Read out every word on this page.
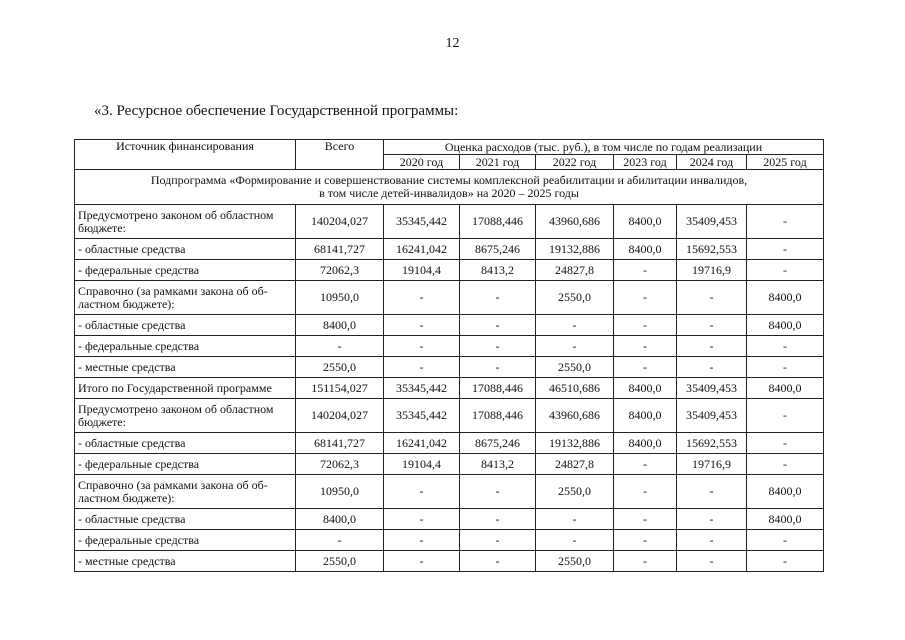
12
«3. Ресурсное обеспечение Государственной программы:
Источник финансирования	Всего	Оценка расходов (тыс. руб.), в том числе по годам реализации					
		2020 год	2021 год	2022 год	2023 год	2024 год	2025 год

Подпрограмма «Формирование и совершенствование системы комплексной реабилитации и абилитации инвалидов,
в том числе детей-инвалидов» на 2020 – 2025 годы							

Предусмотрено законом об областном бюджете:	140204,027	35345,442	17088,446	43960,686	8400,0	35409,453	-
- областные средства	68141,727	16241,042	8675,246	19132,886	8400,0	15692,553	-
- федеральные средства	72062,3	19104,4	8413,2	24827,8	-	19716,9	-
Справочно (за рамками закона об об-ластном бюджете):	10950,0	-	-	2550,0	-	-	8400,0
- областные средства	8400,0	-	-	-	-	-	8400,0
- федеральные средства	-	-	-	-	-	-	-
- местные средства	2550,0	-	-	2550,0	-	-	-
Итого по Государственной программе	151154,027	35345,442	17088,446	46510,686	8400,0	35409,453	8400,0
Предусмотрено законом об областном бюджете:	140204,027	35345,442	17088,446	43960,686	8400,0	35409,453	-
- областные средства	68141,727	16241,042	8675,246	19132,886	8400,0	15692,553	-
- федеральные средства	72062,3	19104,4	8413,2	24827,8	-	19716,9	-
Справочно (за рамками закона об об-ластном бюджете):	10950,0	-	-	2550,0	-	-	8400,0
- областные средства	8400,0	-	-	-	-	-	8400,0
- федеральные средства	-	-	-	-	-	-	-
- местные средства	2550,0	-	-	2550,0	-	-	-
